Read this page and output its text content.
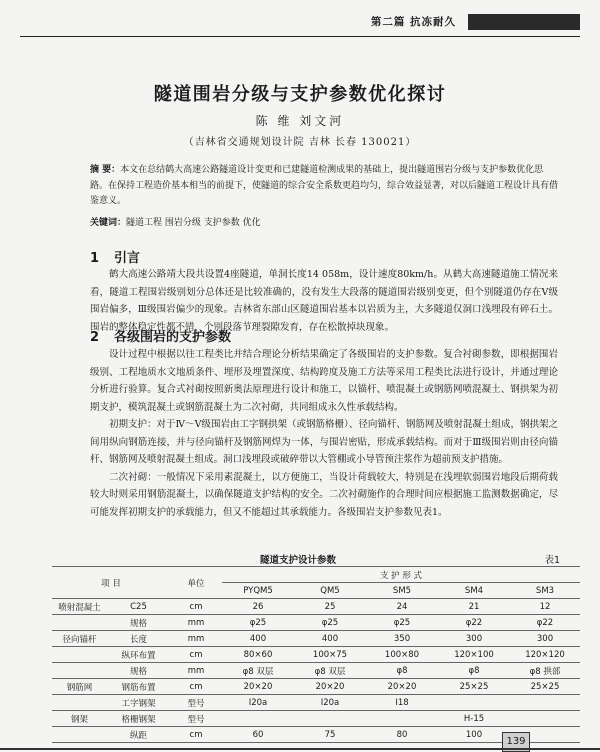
第二篇 抗冻耐久
隧道围岩分级与支护参数优化探讨
陈 维 刘文河
（吉林省交通规划设计院 吉林 长春 130021）
摘 要：本文在总结鹤大高速公路隧道设计变更和已建隧道检测成果的基础上，提出隧道围岩分级与支护参数优化思路。在保持工程造价基本相当的前提下，使隧道的综合安全系数更趋均匀，综合效益显著，对以后隧道工程设计具有借鉴意义。
关键词：隧道工程 围岩分级 支护参数 优化
1 引言

鹤大高速公路靖大段共设置4座隧道，单洞长度14 058m，设计速度80km/h。从鹤大高速隧道施工情况来看，隧道工程围岩级别划分总体还是比较准确的，没有发生大段落的隧道围岩级别变更，但个别隧道仍存在Ⅴ级围岩偏多，Ⅲ级围岩偏少的现象。吉林省东部山区隧道围岩基本以岩质为主，大多隧道仅洞口浅埋段有碎石土。围岩的整体稳定性都不错，个别段落节理裂隙发育，存在松散掉块现象。

2 各级围岩的支护参数

设计过程中根据以往工程类比并结合理论分析结果确定了各级围岩的支护参数。复合衬砌参数，即根据围岩级别、工程地质水文地质条件、埋形及埋置深度、结构跨度及施工方法等采用工程类比法进行设计，并通过理论分析进行验算。复合式衬砌按照新奥法原理进行设计和施工，以锚杆、喷混凝土或钢筋网喷混凝土、钢拱架为初期支护，模筑混凝土或钢筋混凝土为二次衬砌，共同组成永久性承载结构。

初期支护：对于Ⅳ～Ⅴ级围岩由工字钢拱架（或钢筋格栅）、径向锚杆、钢筋网及喷射混凝土组成，钢拱架之间用纵向钢筋连接，并与径向锚杆及钢筋网焊为一体，与围岩密贴，形成承载结构。而对于Ⅲ级围岩则由径向锚杆、钢筋网及喷射混凝土组成。洞口浅埋段或破碎带以大管棚或小导管预注浆作为超前预支护措施。

二次衬砌：一般情况下采用素混凝土，以方便施工，当设计荷载较大，特别是在浅埋软弱围岩地段后期荷载较大时则采用钢筋混凝土，以确保隧道支护结构的安全。二次衬砌施作的合理时间应根据施工监测数据确定，尽可能发挥初期支护的承载能力，但又不能超过其承载能力。各级围岩支护参数见表1。

隧道支护设计参数	表1
项 目		单位	支 护 形 式				
			PYQM5	QM5	SM5	SM4	SM3
喷射混凝土	C25	cm	26	25	24	21	12
	规格	mm	φ25	φ25	φ25	φ22	φ22
径向锚杆	长度	mm	400	400	350	300	300
	纵环布置	cm	80×60	100×75	100×80	120×100	120×120
	规格	mm	φ8 双层	φ8 双层	φ8	φ8	φ8 拱部
钢筋网	钢筋布置	cm	20×20	20×20	20×20	25×25	25×25
	工字钢架	型号	I20a	I20a	I18		
钢架	格栅钢架	型号				H-15	
	纵距	cm	60	75	80	100	
139
